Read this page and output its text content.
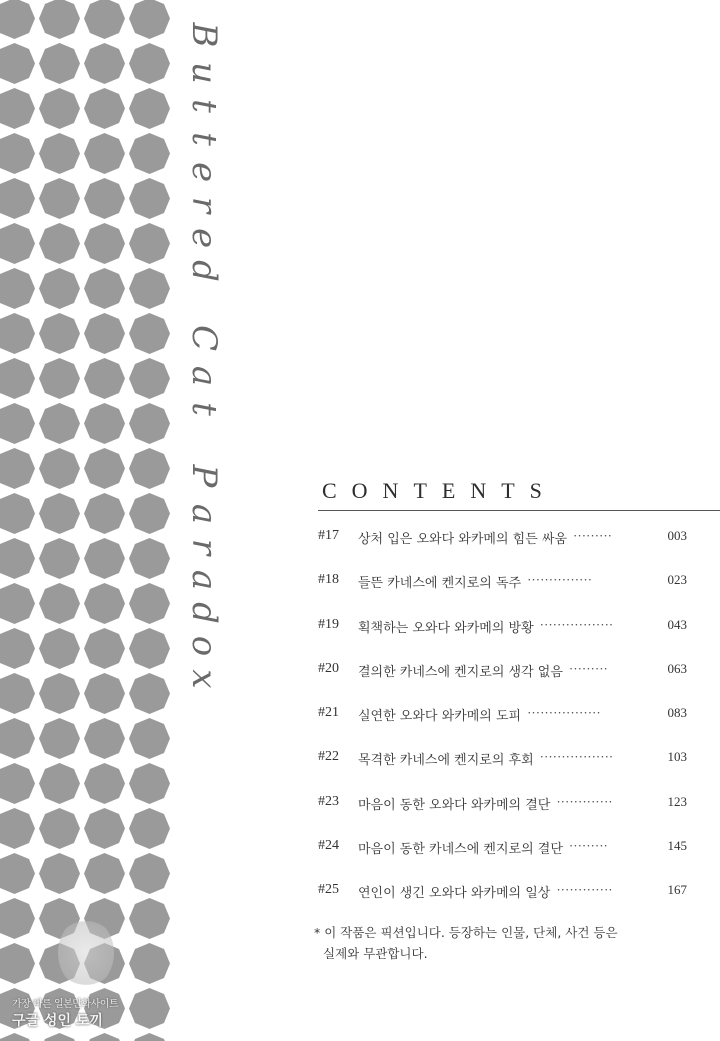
B
u
t
t
e
r
e
d
C
a
t
P
a
r
a
d
o
x
CONTENTS
#17 상처 입은 오와다 와카메의 힘든 싸움 ·········	003
#18 들뜬 카네스에 켄지로의 독주 ···············	023
#19 획책하는 오와다 와카메의 방황 ·················	043
#20 결의한 카네스에 켄지로의 생각 없음 ·········	063
#21 실연한 오와다 와카메의 도피 ·················	083
#22 목격한 카네스에 켄지로의 후회 ·················	103
#23 마음이 동한 오와다 와카메의 결단 ·············	123
#24 마음이 동한 카네스에 켄지로의 결단 ·········	145
#25 연인이 생긴 오와다 와카메의 일상 ·············	167
* 이 작품은 픽션입니다. 등장하는 인물, 단체, 사건 등은
실제와 무관합니다.
가장 빠른 일본만화사이트
구글 성인 토끼
